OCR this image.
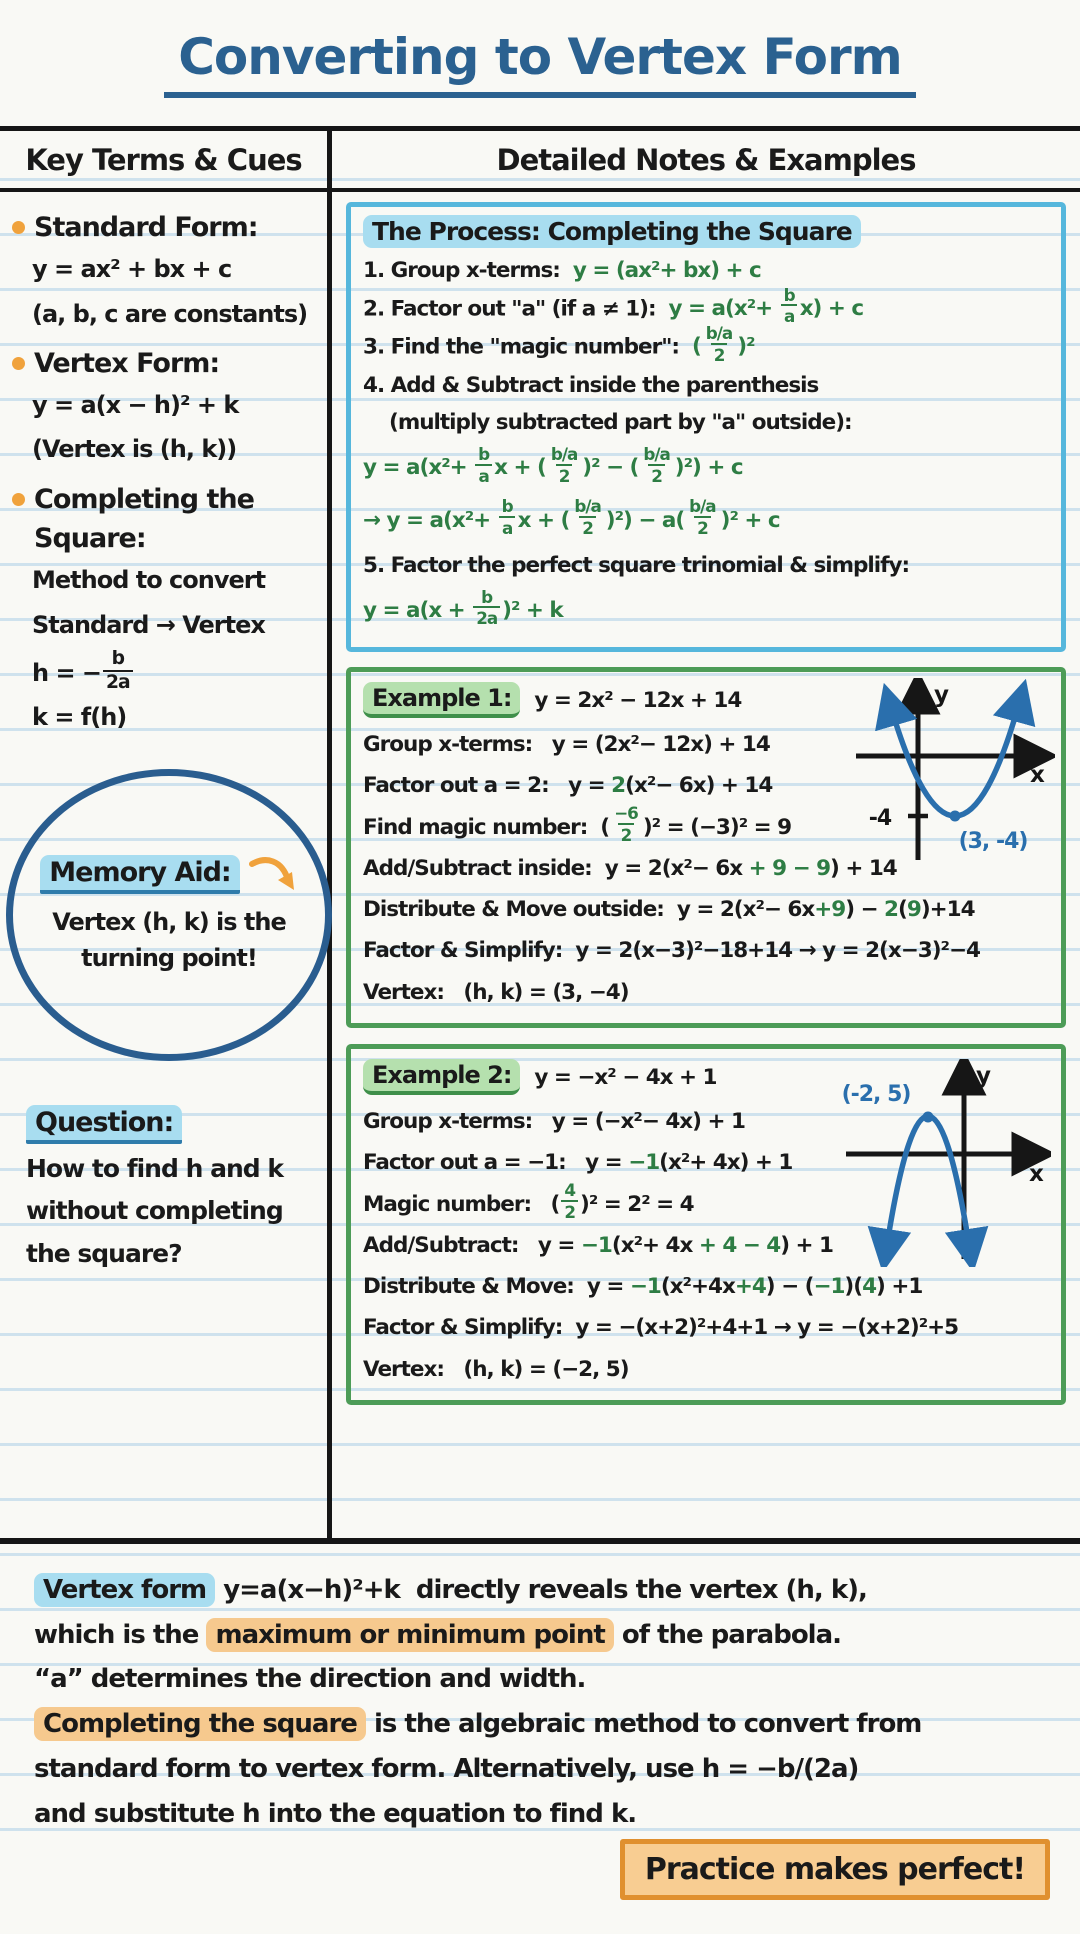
Converting to Vertex Form
Key Terms & Cues	Detailed Notes & Examples
Standard Form:
y = ax² + bx + c
(a, b, c are constants)
Vertex Form:
y = a(x − h)² + k
(Vertex is (h, k))
Completing the Square:
Method to convert
Standard → Vertex
h = − $\frac{b}{2a}$
k = f(h)
Memory Aid:
Vertex (h, k) is the
turning point!
Question:
How to find h and k
without completing
the square?
The Process: Completing the Square
1. Group x-terms:  y = (ax²+ bx) + c
2. Factor out "a" (if a ≠ 1):  $y = a(x^2+ \frac{b}{a} x) + c$
3. Find the "magic number":  ( $\frac{b/a}{2} )^2$
4. Add & Subtract inside the parenthesis
(multiply subtracted part by "a" outside):
$y = a(x^2+ \frac{b}{a}$ x + ( $\frac{b/a}{2} )^2$ − ( $\frac{b/a}{2} )^2) + c$
→ $y = a(x^2+ \frac{b}{a}$ x + ( $\frac{b/a}{2} )^2) - a( \frac{b/a}{2} )^2 + c$
5. Factor the perfect square trinomial & simplify:
$y = a(x + \frac{b}{2a} )^2 + k$
y
x
-4
(3, -4)
Example 1:	y = 2x² − 12x + 14
Group x-terms:   y = (2x²− 12x) + 14
Factor out a = 2:   y = 2(x²− 6x) + 14
Find magic number:  ( $\frac{-6}{2} )^2 = (-3)^2 = 9$
Add/Subtract inside:  y = 2(x²− 6x + 9 − 9) + 14
Distribute & Move outside:  y = 2(x²− 6x+9) − 2(9)+14
Factor & Simplify:  y = 2(x−3)²−18+14 → y = 2(x−3)²−4
Vertex:   (h, k) = (3, −4)
y
x
(-2, 5)
Example 2:	y = −x² − 4x + 1
Group x-terms:   y = (−x²− 4x) + 1
Factor out a = −1:   y = −1(x²+ 4x) + 1
Magic number:   ( $\frac{4}{2} )^2 = 2^2 = 4$
Add/Subtract:   y = −1(x²+ 4x + 4 − 4) + 1
Distribute & Move:  y = −1(x²+4x+4) − (−1)(4) +1
Factor & Simplify:  y = −(x+2)²+4+1 → y = −(x+2)²+5
Vertex:   (h, k) = (−2, 5)
Vertex form y=a(x−h)²+k  directly reveals the vertex (h, k),
which is the maximum or minimum point of the parabola.
“a” determines the direction and width.
Completing the square is the algebraic method to convert from
standard form to vertex form. Alternatively, use h = −b/(2a)
and substitute h into the equation to find k.
Practice makes perfect!
